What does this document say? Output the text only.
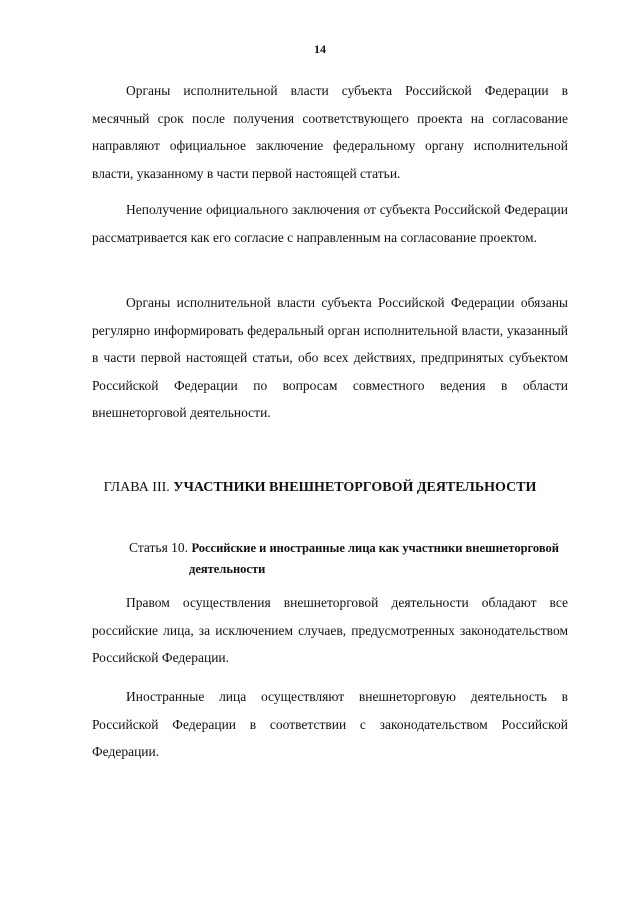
14

Органы исполнительной власти субъекта Российской Федерации в месячный срок после получения соответствующего проекта на согласование направляют официальное заключение федеральному органу исполнительной власти, указанному в части первой настоящей статьи.

Неполучение официального заключения от субъекта Российской Федерации рассматривается как его согласие с направленным на согласование проектом.

Органы исполнительной власти субъекта Российской Федерации обязаны регулярно информировать федеральный орган исполнительной власти, указанный в части первой настоящей статьи, обо всех действиях, предпринятых субъектом Российской Федерации по вопросам совместного ведения в области внешнеторговой деятельности.

ГЛАВА III. УЧАСТНИКИ ВНЕШНЕТОРГОВОЙ ДЕЯТЕЛЬНОСТИ
Статья 10. Российские и иностранные лица как участники внешнеторговой
деятельности

Правом осуществления внешнеторговой деятельности обладают все российские лица, за исключением случаев, предусмотренных законодательством Российской Федерации.

Иностранные лица осуществляют внешнеторговую деятельность в Российской Федерации в соответствии с законодательством Российской Федерации.
